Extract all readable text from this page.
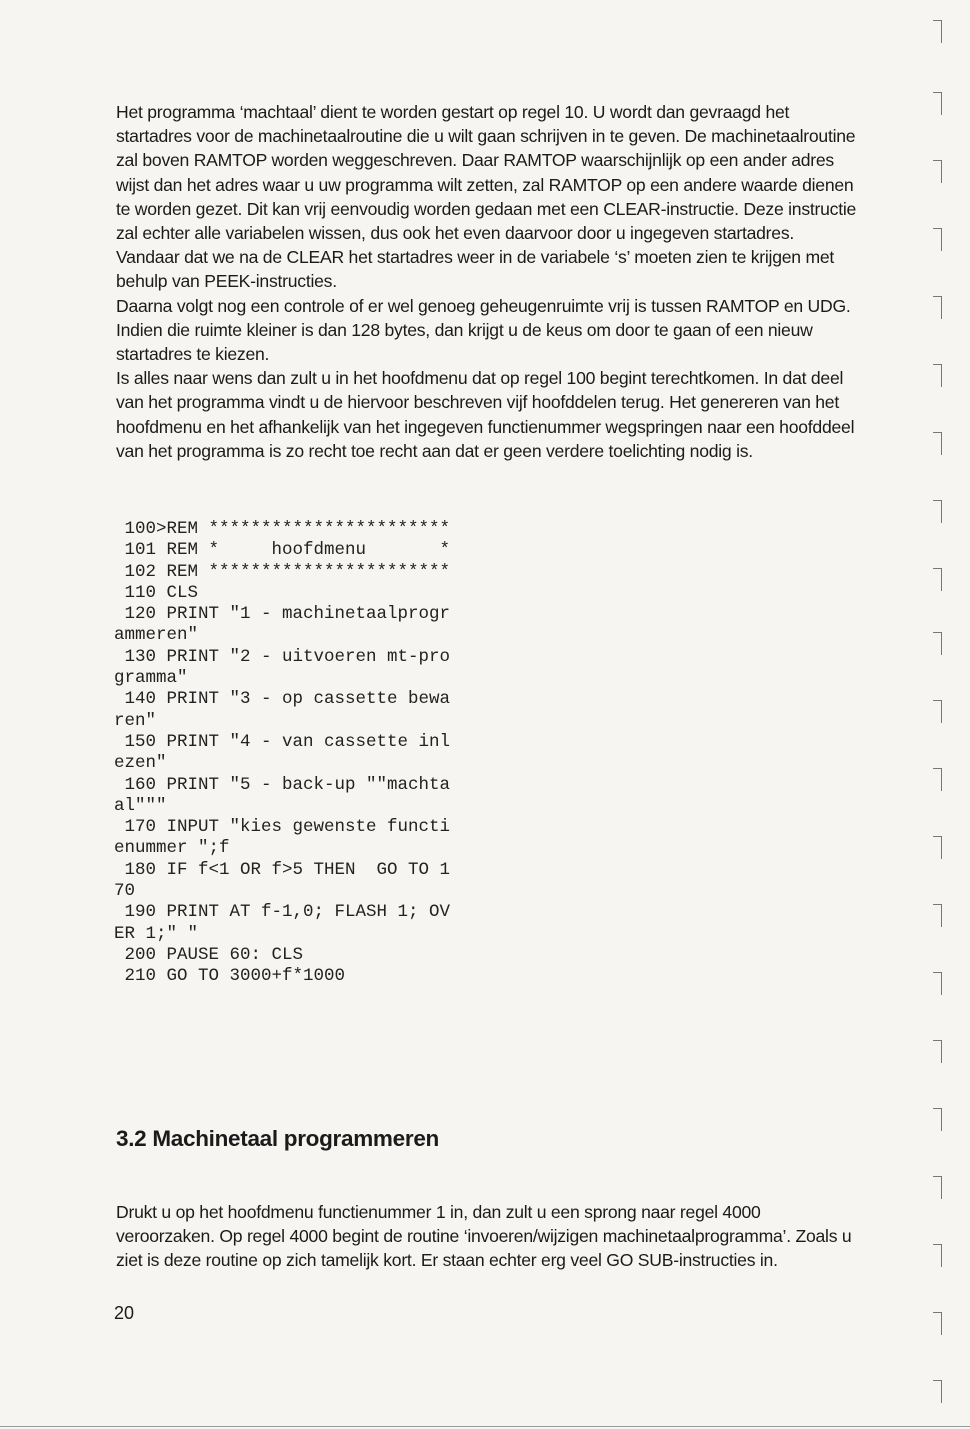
Het programma ‘machtaal’ dient te worden gestart op regel 10. U wordt dan gevraagd het startadres voor de machinetaalroutine die u wilt gaan schrijven in te geven. De machinetaalroutine zal boven RAMTOP worden weggeschreven. Daar RAMTOP waarschijnlijk op een ander adres wijst dan het adres waar u uw programma wilt zetten, zal RAMTOP op een andere waarde dienen te worden gezet. Dit kan vrij eenvoudig worden gedaan met een CLEAR-instructie. Deze instructie zal echter alle variabelen wissen, dus ook het even daarvoor door u ingegeven startadres. Vandaar dat we na de CLEAR het startadres weer in de variabele ‘s’ moeten zien te krijgen met behulp van PEEK-instructies.

Daarna volgt nog een controle of er wel genoeg geheugenruimte vrij is tussen RAMTOP en UDG. Indien die ruimte kleiner is dan 128 bytes, dan krijgt u de keus om door te gaan of een nieuw startadres te kiezen.

Is alles naar wens dan zult u in het hoofdmenu dat op regel 100 begint terechtkomen. In dat deel van het programma vindt u de hiervoor beschreven vijf hoofddelen terug. Het genereren van het hoofdmenu en het afhankelijk van het ingegeven functienummer wegspringen naar een hoofddeel van het programma is zo recht toe recht aan dat er geen verdere toelichting nodig is.

100>REM ***********************
101 REM *     hoofdmenu       *
102 REM ***********************
110 CLS
120 PRINT "1 - machinetaalprogr
ammeren"
130 PRINT "2 - uitvoeren mt-pro
gramma"
140 PRINT "3 - op cassette bewa
ren"
150 PRINT "4 - van cassette inl
ezen"
160 PRINT "5 - back-up ""machta
al"""
170 INPUT "kies gewenste functi
enummer ";f
180 IF f<1 OR f>5 THEN  GO TO 1
70
190 PRINT AT f-1,0; FLASH 1; OV
ER 1;" "
200 PAUSE 60: CLS
210 GO TO 3000+f*1000
3.2 Machinetaal programmeren

Drukt u op het hoofdmenu functienummer 1 in, dan zult u een sprong naar regel 4000 veroorzaken. Op regel 4000 begint de routine ‘invoeren/wijzigen machinetaalprogramma’. Zoals u ziet is deze routine op zich tamelijk kort. Er staan echter erg veel GO SUB-instructies in.

20
